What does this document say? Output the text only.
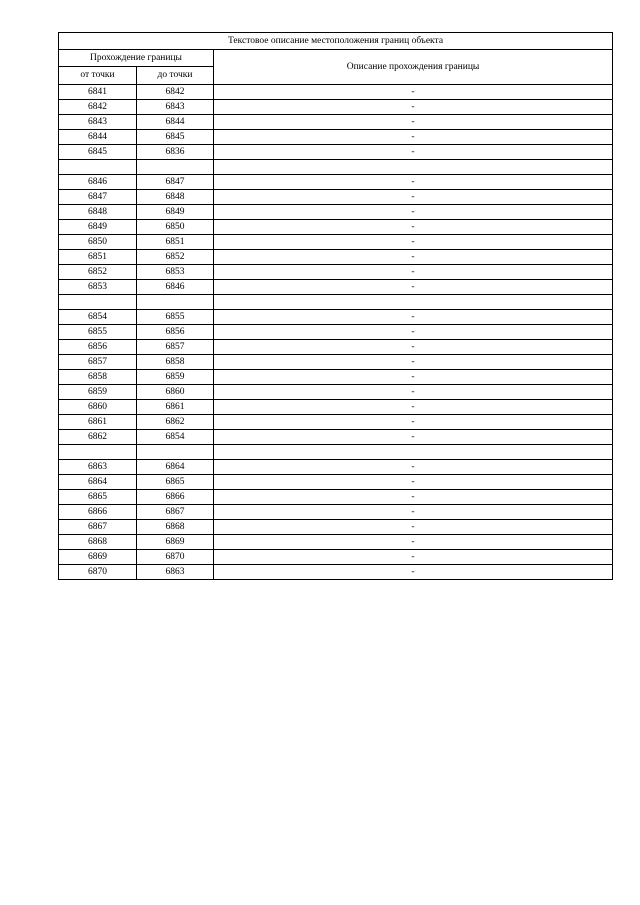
Текстовое описание местоположения границ объекта		
Прохождение границы		Описание прохождения границы
от точки	до точки	
6841	6842	-
6842	6843	-
6843	6844	-
6844	6845	-
6845	6836	-

6846	6847	-
6847	6848	-
6848	6849	-
6849	6850	-
6850	6851	-
6851	6852	-
6852	6853	-
6853	6846	-

6854	6855	-
6855	6856	-
6856	6857	-
6857	6858	-
6858	6859	-
6859	6860	-
6860	6861	-
6861	6862	-
6862	6854	-

6863	6864	-
6864	6865	-
6865	6866	-
6866	6867	-
6867	6868	-
6868	6869	-
6869	6870	-
6870	6863	-
